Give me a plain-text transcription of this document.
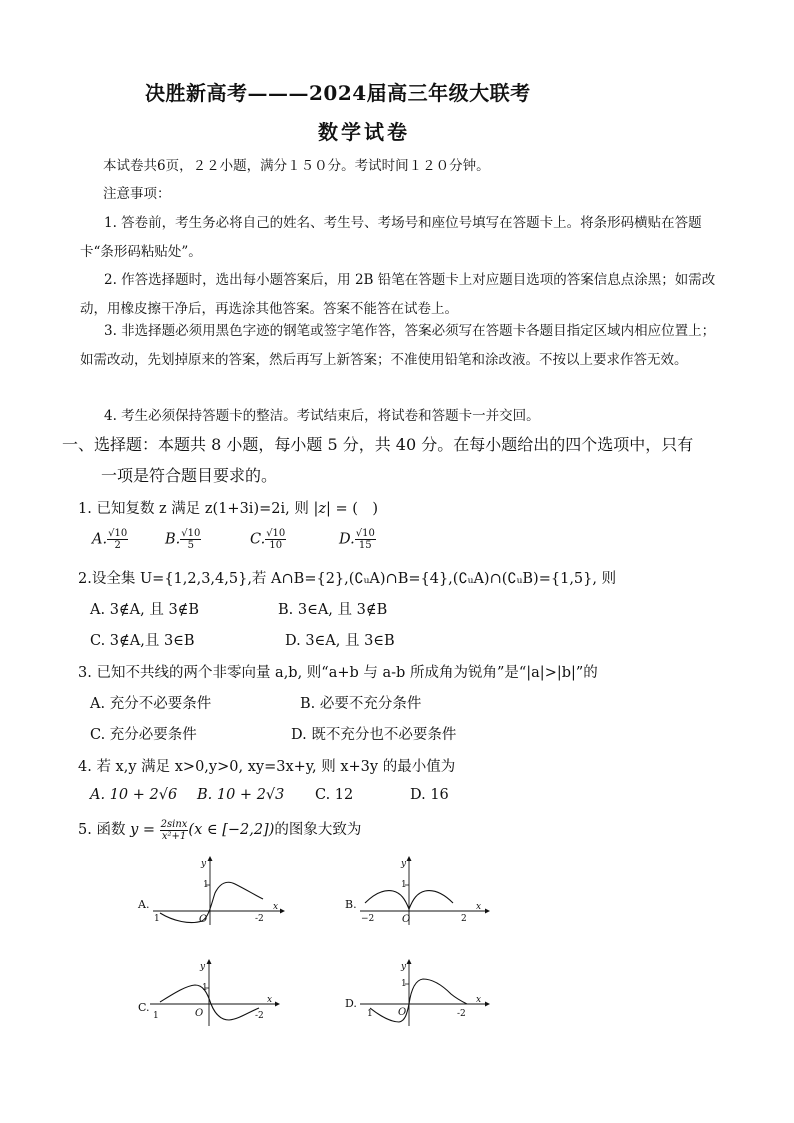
决胜新高考———2024届高三年级大联考
数学试卷
本试卷共6页，２２小题，满分１５０分。考试时间１２０分钟。
注意事项：
1. 答卷前，考生务必将自己的姓名、考生号、考场号和座位号填写在答题卡上。将条形码横贴在答题卡“条形码粘贴处”。
2. 作答选择题时，选出每小题答案后，用 2B 铅笔在答题卡上对应题目选项的答案信息点涂黑；如需改动，用橡皮擦干净后，再选涂其他答案。答案不能答在试卷上。
3. 非选择题必须用黑色字迹的钢笔或签字笔作答，答案必须写在答题卡各题目指定区域内相应位置上；如需改动，先划掉原来的答案，然后再写上新答案；不准使用铅笔和涂改液。不按以上要求作答无效。
4. 考生必须保持答题卡的整洁。考试结束后，将试卷和答题卡一并交回。
一、选择题：本题共 8 小题，每小题 5 分，共 40 分。在每小题给出的四个选项中，只有
一项是符合题目要求的。
1. 已知复数 z 满足 z(1+3i)=2i, 则 |z| = (　)
A. $\frac{√10}{2}$	B. $\frac{√10}{5}$	C. $\frac{√10}{10}$	D. $\frac{√10}{15}$
2.设全集 U={1,2,3,4,5},若 A∩B={2},(∁ᵤA)∩B={4},(∁ᵤA)∩(∁ᵤB)={1,5}, 则
A. 3∉A, 且 3∉B	B. 3∈A, 且 3∉B
C. 3∉A,且 3∈B	D. 3∈A, 且 3∈B
3. 已知不共线的两个非零向量 a,b, 则“a+b 与 a-b 所成角为锐角”是“|a|>|b|”的
A. 充分不必要条件	B. 必要不充分条件
C. 充分必要条件	D. 既不充分也不必要条件
4. 若 x,y 满足 x>0,y>0, xy=3x+y, 则 x+3y 的最小值为
A. 10 + 2√6 B. 10 + 2√3 C. 12	D. 16
5. 函数 $y = \frac{2\sin x}{\text{x²+1}} (x$ ∈ [−2,2])的图象大致为
A.
y
x
O
1
1	-2
B.
y
x
O
1
−2	2
C.
y
x
O
1
1	-2
D.
y
x
O
1
1	-2
